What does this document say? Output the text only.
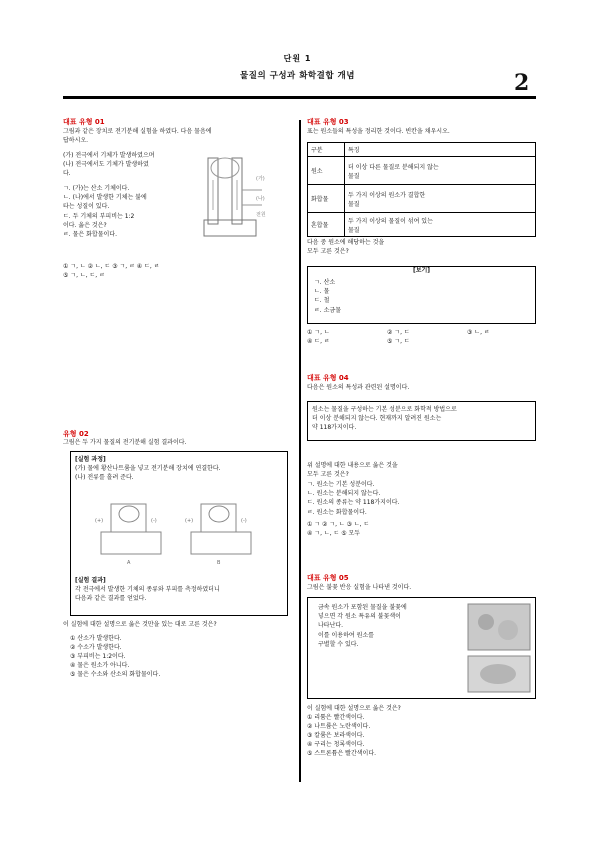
단원 1
물질의 구성과 화학결합 개념	2
대표 유형 01

그림과 같은 장치로 전기분해 실험을 하였다. 다음 물음에

답하시오.

(가) 전극에서 기체가 발생하였으며

(나) 전극에서도 기체가 발생하였

다.

ㄱ. (가)는 산소 기체이다.

ㄴ. (나)에서 발생한 기체는 불에

타는 성질이 있다.

ㄷ. 두 기체의 부피비는 1:2

이다. 옳은 것은?

ㄹ. 물은 화합물이다.

(가)
(나)
전원

① ㄱ, ㄴ ② ㄴ, ㄷ ③ ㄱ, ㄹ ④ ㄷ, ㄹ

⑤ ㄱ, ㄴ, ㄷ, ㄹ

유형 02
그림은 두 가지 물질의 전기분해 실험 결과이다.
[실험 과정]

(가) 물에 황산나트륨을 넣고 전기분해 장치에 연결한다.

(나) 전류를 흘려 준다.

(+)	(-)	(+)	(-)
A	B
[실험 결과]

각 전극에서 발생한 기체의 종류와 부피를 측정하였더니

다음과 같은 결과를 얻었다.

이 실험에 대한 설명으로 옳은 것만을 있는 대로 고른 것은?

① 산소가 발생한다.

② 수소가 발생한다.

③ 부피비는 1:2이다.

④ 물은 원소가 아니다.

⑤ 물은 수소와 산소의 화합물이다.

대표 유형 03
표는 원소들의 특성을 정리한 것이다. 빈칸을 채우시오.
구분	특징
원소	더 이상 다른 물질로 분해되지 않는
물질
화합물	두 가지 이상의 원소가 결합한
물질
혼합물	두 가지 이상의 물질이 섞여 있는
물질

다음 중 원소에 해당하는 것을

모두 고른 것은?

[보기]

ㄱ. 산소

ㄴ. 물

ㄷ. 철

ㄹ. 소금물

① ㄱ, ㄴ	② ㄱ, ㄷ	③ ㄴ, ㄹ
④ ㄷ, ㄹ	⑤ ㄱ, ㄷ
대표 유형 04
다음은 원소의 특성과 관련된 설명이다.

원소는 물질을 구성하는 기본 성분으로 화학적 방법으로

더 이상 분해되지 않는다. 현재까지 알려진 원소는

약 118가지이다.

위 설명에 대한 내용으로 옳은 것을

모두 고른 것은?

ㄱ. 원소는 기본 성분이다.

ㄴ. 원소는 분해되지 않는다.

ㄷ. 원소의 종류는 약 118가지이다.

ㄹ. 원소는 화합물이다.

① ㄱ ② ㄱ, ㄴ ③ ㄴ, ㄷ

④ ㄱ, ㄴ, ㄷ ⑤ 모두

대표 유형 05
그림은 불꽃 반응 실험을 나타낸 것이다.

금속 원소가 포함된 물질을 불꽃에

넣으면 각 원소 특유의 불꽃색이

나타난다.

이를 이용하여 원소를

구별할 수 있다.

이 실험에 대한 설명으로 옳은 것은?

① 리튬은 빨간색이다.

② 나트륨은 노란색이다.

③ 칼륨은 보라색이다.

④ 구리는 청록색이다.

⑤ 스트론튬은 빨간색이다.
